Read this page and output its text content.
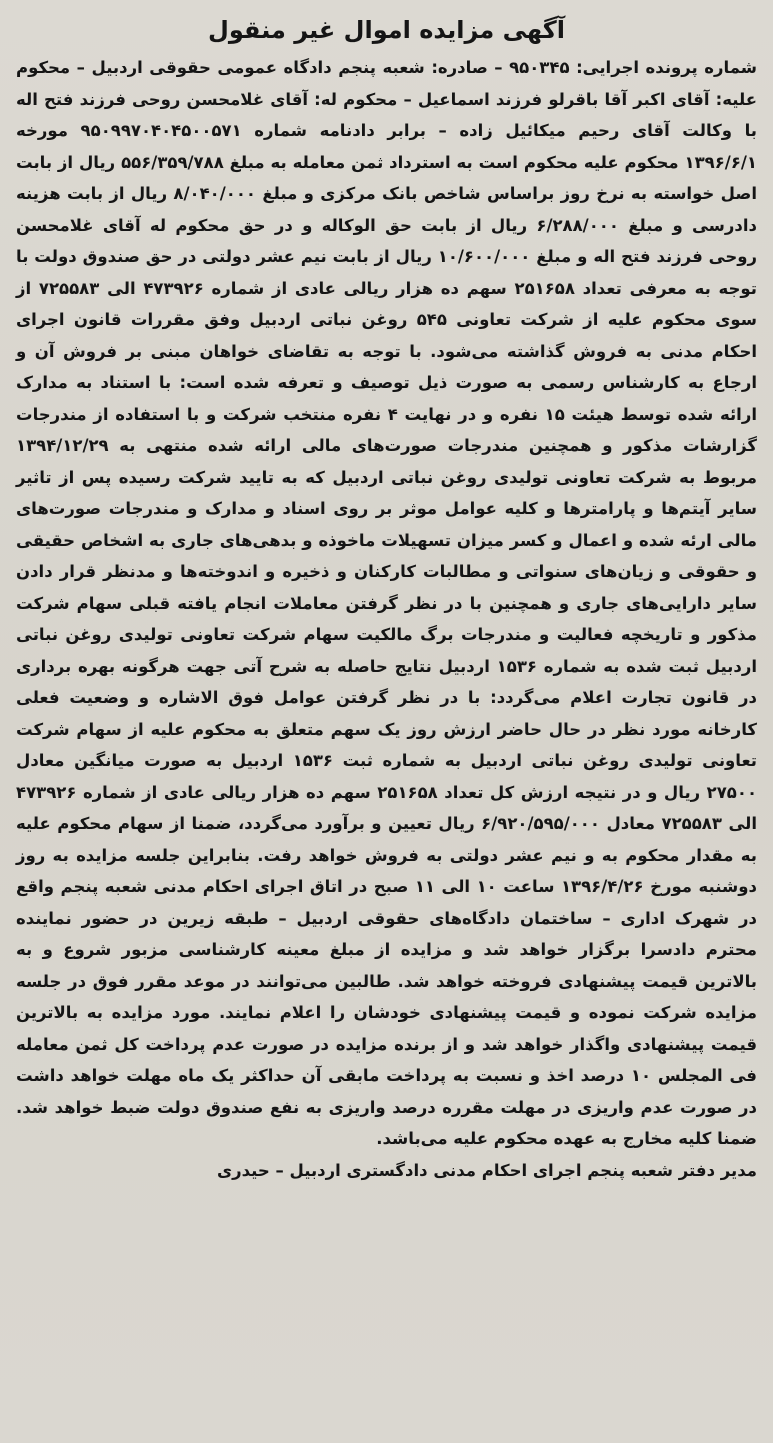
آگهی مزایده اموال غیر منقول

شماره پرونده اجرایی: ۹۵۰۳۴۵ – صادره: شعبه پنجم دادگاه عمومی حقوقی اردبیل – محکوم علیه: آقای اکبر آقا باقرلو فرزند اسماعیل – محکوم له: آقای غلامحسن روحی فرزند فتح اله با وکالت آقای رحیم میکائیل زاده – برابر دادنامه شماره ۹۵۰۹۹۷۰۴۰۴۵۰۰۵۷۱ مورخه ۱۳۹۶/۶/۱ محکوم علیه محکوم است به استرداد ثمن معامله به مبلغ ۵۵۶/۳۵۹/۷۸۸ ریال از بابت اصل خواسته به نرخ روز براساس شاخص بانک مرکزی و مبلغ ۸/۰۴۰/۰۰۰ ریال از بابت هزینه دادرسی و مبلغ ۶/۲۸۸/۰۰۰ ریال از بابت حق الوکاله و در حق محکوم له آقای غلامحسن روحی فرزند فتح اله و مبلغ ۱۰/۶۰۰/۰۰۰ ریال از بابت نیم عشر دولتی در حق صندوق دولت با توجه به معرفی تعداد ۲۵۱۶۵۸ سهم ده هزار ریالی عادی از شماره ۴۷۳۹۲۶ الی ۷۲۵۵۸۳ از سوی محکوم علیه از شرکت تعاونی ۵۴۵ روغن نباتی اردبیل وفق مقررات قانون اجرای احکام مدنی به فروش گذاشته می‌شود. با توجه به تقاضای خواهان مبنی بر فروش آن و ارجاع به کارشناس رسمی به صورت ذیل توصیف و تعرفه شده است: با استناد به مدارک ارائه شده توسط هیئت ۱۵ نفره و در نهایت ۴ نفره منتخب شرکت و با استفاده از مندرجات گزارشات مذکور و همچنین مندرجات صورت‌های مالی ارائه شده منتهی به ۱۳۹۴/۱۲/۲۹ مربوط به شرکت تعاونی تولیدی روغن نباتی اردبیل که به تایید شرکت رسیده پس از تاثیر سایر آیتم‌ها و پارامترها و کلیه عوامل موثر بر روی اسناد و مدارک و مندرجات صورت‌های مالی ارئه شده و اعمال و کسر میزان تسهیلات ماخوذه و بدهی‌های جاری به اشخاص حقیقی و حقوقی و زیان‌های سنواتی و مطالبات کارکنان و ذخیره و اندوخته‌ها و مدنظر قرار دادن سایر دارایی‌های جاری و همچنین با در نظر گرفتن معاملات انجام یافته قبلی سهام شرکت مذکور و تاریخچه فعالیت و مندرجات برگ مالکیت سهام شرکت تعاونی تولیدی روغن نباتی اردبیل ثبت شده به شماره ۱۵۳۶ اردبیل نتایج حاصله به شرح آتی جهت هرگونه بهره برداری در قانون تجارت اعلام می‌گردد: با در نظر گرفتن عوامل فوق الاشاره و وضعیت فعلی کارخانه مورد نظر در حال حاضر ارزش روز یک سهم متعلق به محکوم علیه از سهام شرکت تعاونی تولیدی روغن نباتی اردبیل به شماره ثبت ۱۵۳۶ اردبیل به صورت میانگین معادل ۲۷۵۰۰ ریال و در نتیجه ارزش کل تعداد ۲۵۱۶۵۸ سهم ده هزار ریالی عادی از شماره ۴۷۳۹۲۶ الی ۷۲۵۵۸۳ معادل ۶/۹۲۰/۵۹۵/۰۰۰ ریال تعیین و برآورد می‌گردد، ضمنا از سهام محکوم علیه به مقدار محکوم به و نیم عشر دولتی به فروش خواهد رفت. بنابراین جلسه مزایده به روز دوشنبه مورخ ۱۳۹۶/۴/۲۶ ساعت ۱۰ الی ۱۱ صبح در اتاق اجرای احکام مدنی شعبه پنجم واقع در شهرک اداری – ساختمان دادگاه‌های حقوقی اردبیل – طبقه زیرین در حضور نماینده محترم دادسرا برگزار خواهد شد و مزایده از مبلغ معینه کارشناسی مزبور شروع و به بالاترین قیمت پیشنهادی فروخته خواهد شد. طالبین می‌توانند در موعد مقرر فوق در جلسه مزایده شرکت نموده و قیمت پیشنهادی خودشان را اعلام نمایند. مورد مزایده به بالاترین قیمت پیشنهادی واگذار خواهد شد و از برنده مزایده در صورت عدم پرداخت کل ثمن معامله فی المجلس ۱۰ درصد اخذ و نسبت به پرداخت مابقی آن حداکثر یک ماه مهلت خواهد داشت در صورت عدم واریزی در مهلت مقرره درصد واریزی به نفع صندوق دولت ضبط خواهد شد. ضمنا کلیه مخارج به عهده محکوم علیه می‌باشد.

مدیر دفتر شعبه پنجم اجرای احکام مدنی دادگستری اردبیل – حیدری
